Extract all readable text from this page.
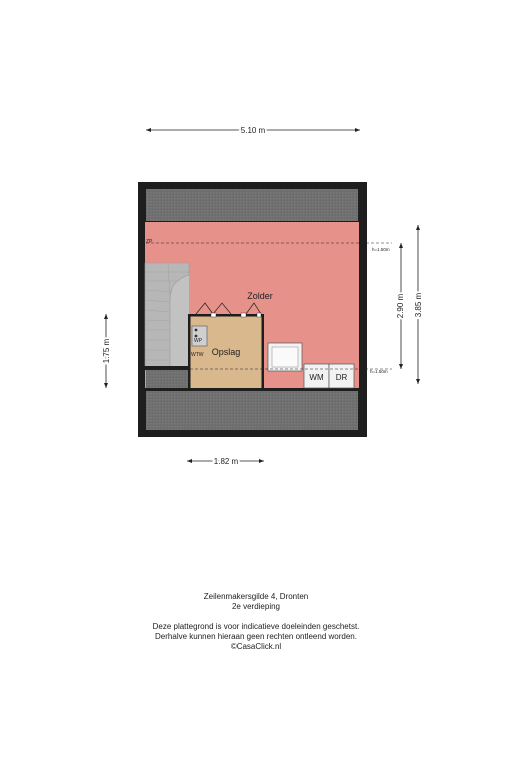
5.10 m
WP
WTW
WM DR
h=1.50m
h=1.50m
ZP
Zolder
Opslag
2.90 m 3.85 m
1.75 m
1.82 m
Zeilenmakersgilde 4, Dronten
2e verdieping
Deze plattegrond is voor indicatieve doeleinden geschetst.
Derhalve kunnen hieraan geen rechten ontleend worden.
©CasaClick.nl
